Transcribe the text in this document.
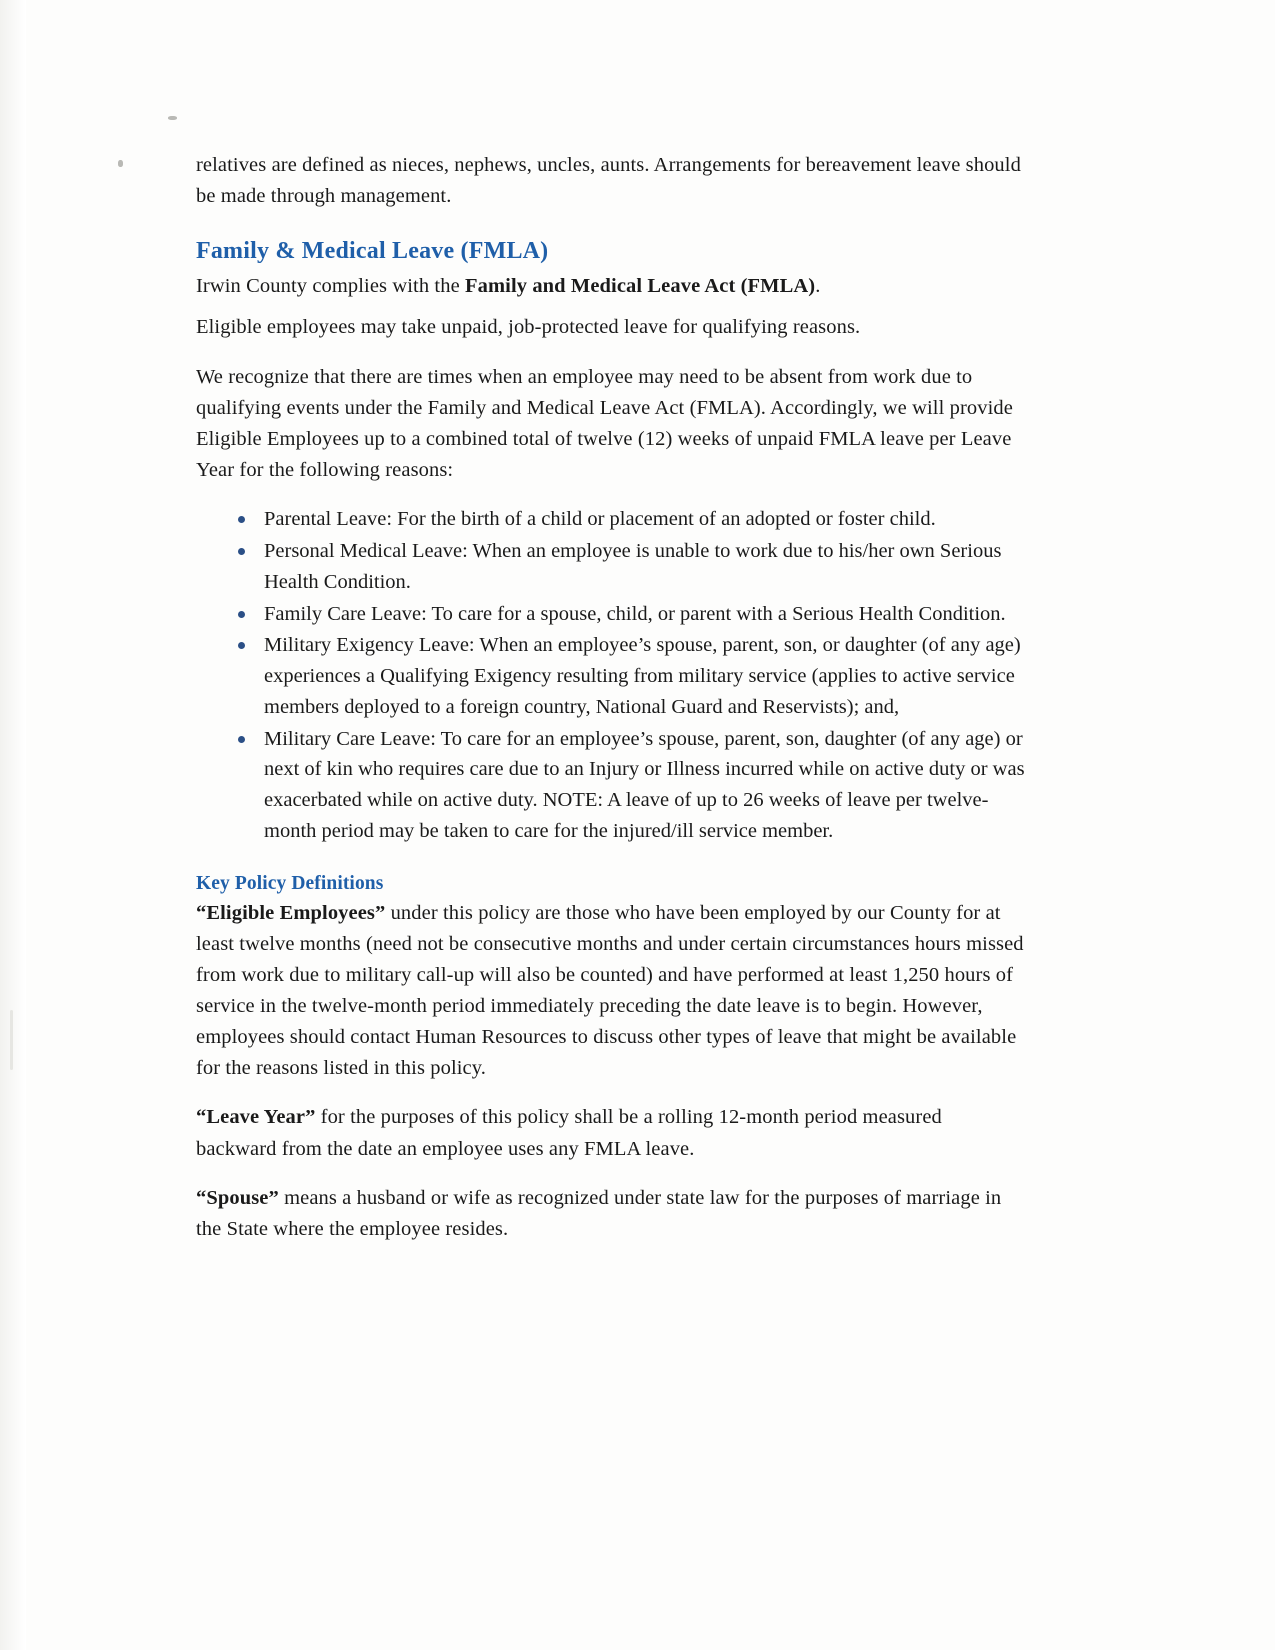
relatives are defined as nieces, nephews, uncles, aunts. Arrangements for bereavement leave should be made through management.

Family & Medical Leave (FMLA)

Irwin County complies with the Family and Medical Leave Act (FMLA).

Eligible employees may take unpaid, job-protected leave for qualifying reasons.

We recognize that there are times when an employee may need to be absent from work due to qualifying events under the Family and Medical Leave Act (FMLA). Accordingly, we will provide Eligible Employees up to a combined total of twelve (12) weeks of unpaid FMLA leave per Leave Year for the following reasons:

Parental Leave: For the birth of a child or placement of an adopted or foster child.
Personal Medical Leave: When an employee is unable to work due to his/her own Serious Health Condition.
Family Care Leave: To care for a spouse, child, or parent with a Serious Health Condition.
Military Exigency Leave: When an employee’s spouse, parent, son, or daughter (of any age) experiences a Qualifying Exigency resulting from military service (applies to active service members deployed to a foreign country, National Guard and Reservists); and,
Military Care Leave: To care for an employee’s spouse, parent, son, daughter (of any age) or next of kin who requires care due to an Injury or Illness incurred while on active duty or was exacerbated while on active duty. NOTE: A leave of up to 26 weeks of leave per twelve-month period may be taken to care for the injured/ill service member.
Key Policy Definitions

“Eligible Employees” under this policy are those who have been employed by our County for at least twelve months (need not be consecutive months and under certain circumstances hours missed from work due to military call-up will also be counted) and have performed at least 1,250 hours of service in the twelve-month period immediately preceding the date leave is to begin. However, employees should contact Human Resources to discuss other types of leave that might be available for the reasons listed in this policy.

“Leave Year” for the purposes of this policy shall be a rolling 12-month period measured backward from the date an employee uses any FMLA leave.

“Spouse” means a husband or wife as recognized under state law for the purposes of marriage in the State where the employee resides.
